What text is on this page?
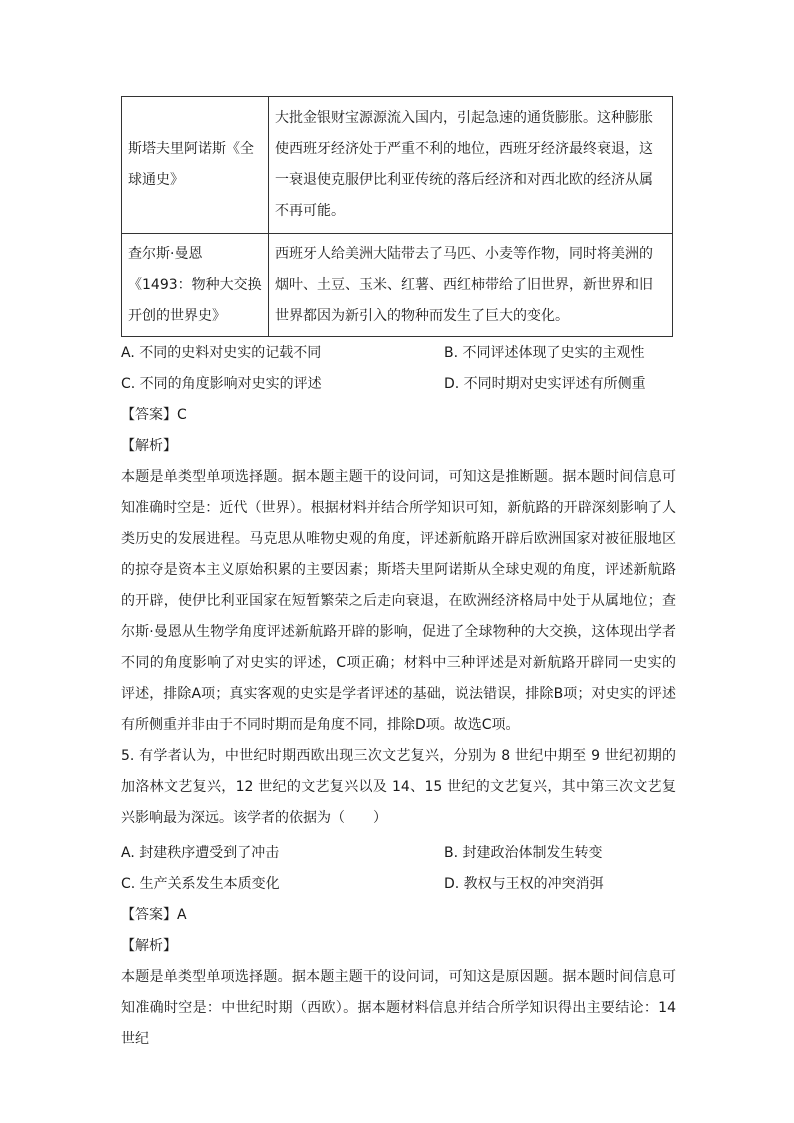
斯塔夫里阿诺斯《全球通史》	大批金银财宝源源流入国内，引起急速的通货膨胀。这种膨胀使西班牙经济处于严重不利的地位，西班牙经济最终衰退，这一衰退使克服伊比利亚传统的落后经济和对西北欧的经济从属不再可能。
查尔斯·曼恩《1493：物种大交换开创的世界史》	西班牙人给美洲大陆带去了马匹、小麦等作物，同时将美洲的烟叶、土豆、玉米、红薯、西红柿带给了旧世界，新世界和旧世界都因为新引入的物种而发生了巨大的变化。
A. 不同的史料对史实的记载不同	B. 不同评述体现了史实的主观性
C. 不同的角度影响对史实的评述	D. 不同时期对史实评述有所侧重
【答案】C
【解析】
本题是单类型单项选择题。据本题主题干的设问词，可知这是推断题。据本题时间信息可知准确时空是：近代（世界）。根据材料并结合所学知识可知，新航路的开辟深刻影响了人类历史的发展进程。马克思从唯物史观的角度，评述新航路开辟后欧洲国家对被征服地区的掠夺是资本主义原始积累的主要因素；斯塔夫里阿诺斯从全球史观的角度，评述新航路的开辟，使伊比利亚国家在短暂繁荣之后走向衰退，在欧洲经济格局中处于从属地位；查尔斯·曼恩从生物学角度评述新航路开辟的影响，促进了全球物种的大交换，这体现出学者不同的角度影响了对史实的评述，C项正确；材料中三种评述是对新航路开辟同一史实的评述，排除A项；真实客观的史实是学者评述的基础，说法错误，排除B项；对史实的评述有所侧重并非由于不同时期而是角度不同，排除D项。故选C项。
5. 有学者认为，中世纪时期西欧出现三次文艺复兴，分别为 8 世纪中期至 9 世纪初期的加洛林文艺复兴，12 世纪的文艺复兴以及 14、15 世纪的文艺复兴，其中第三次文艺复兴影响最为深远。该学者的依据为（　　）
A. 封建秩序遭受到了冲击	B. 封建政治体制发生转变
C. 生产关系发生本质变化	D. 教权与王权的冲突消弭
【答案】A
【解析】
本题是单类型单项选择题。据本题主题干的设问词，可知这是原因题。据本题时间信息可知准确时空是：中世纪时期（西欧）。据本题材料信息并结合所学知识得出主要结论：14 世纪
